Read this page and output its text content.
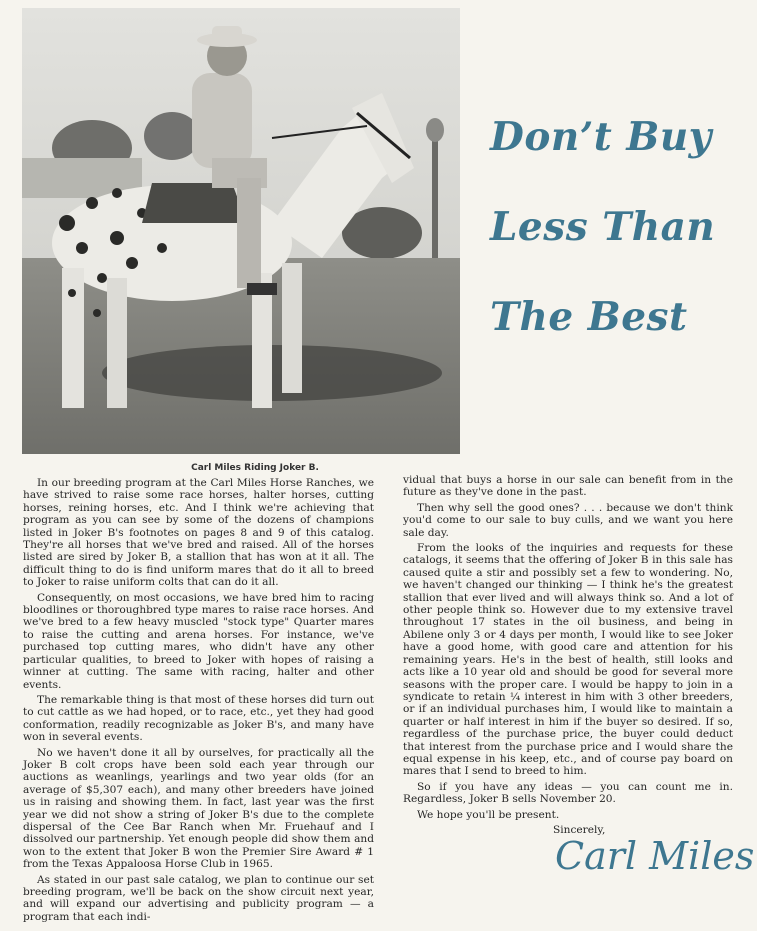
Don’t Buy
Less Than
The Best
Carl Miles Riding Joker B.

In our breeding program at the Carl Miles Horse Ranches, we have strived to raise some race horses, halter horses, cutting horses, reining horses, etc. And I think we're achieving that program as you can see by some of the dozens of champions listed in Joker B's footnotes on pages 8 and 9 of this catalog. They're all horses that we've bred and raised. All of the horses listed are sired by Joker B, a stallion that has won at it all. The difficult thing to do is find uniform mares that do it all to breed to Joker to raise uniform colts that can do it all.

Consequently, on most occasions, we have bred him to racing bloodlines or thoroughbred type mares to raise race horses. And we've bred to a few heavy muscled "stock type" Quarter mares to raise the cutting and arena horses. For instance, we've purchased top cutting mares, who didn't have any other particular qualities, to breed to Joker with hopes of raising a winner at cutting. The same with racing, halter and other events.

The remarkable thing is that most of these horses did turn out to cut cattle as we had hoped, or to race, etc., yet they had good conformation, readily recognizable as Joker B's, and many have won in several events.

No we haven't done it all by ourselves, for practically all the Joker B colt crops have been sold each year through our auctions as weanlings, yearlings and two year olds (for an average of $5,307 each), and many other breeders have joined us in raising and showing them. In fact, last year was the first year we did not show a string of Joker B's due to the complete dispersal of the Cee Bar Ranch when Mr. Fruehauf and I dissolved our partnership. Yet enough people did show them and won to the extent that Joker B won the Premier Sire Award # 1 from the Texas Appaloosa Horse Club in 1965.

As stated in our past sale catalog, we plan to continue our set breeding program, we'll be back on the show circuit next year, and will expand our advertising and publicity program — a program that each indi-

vidual that buys a horse in our sale can benefit from in the future as they've done in the past.

Then why sell the good ones? . . . because we don't think you'd come to our sale to buy culls, and we want you here sale day.

From the looks of the inquiries and requests for these catalogs, it seems that the offering of Joker B in this sale has caused quite a stir and possibly set a few to wondering. No, we haven't changed our thinking — I think he's the greatest stallion that ever lived and will always think so. And a lot of other people think so. However due to my extensive travel throughout 17 states in the oil business, and being in Abilene only 3 or 4 days per month, I would like to see Joker have a good home, with good care and attention for his remaining years. He's in the best of health, still looks and acts like a 10 year old and should be good for several more seasons with the proper care. I would be happy to join in a syndicate to retain ¼ interest in him with 3 other breeders, or if an individual purchases him, I would like to maintain a quarter or half interest in him if the buyer so desired. If so, regardless of the purchase price, the buyer could deduct that interest from the purchase price and I would share the equal expense in his keep, etc., and of course pay board on mares that I send to breed to him.

So if you have any ideas — you can count me in. Regardless, Joker B sells November 20.

We hope you'll be present.

Sincerely,

Carl Miles
